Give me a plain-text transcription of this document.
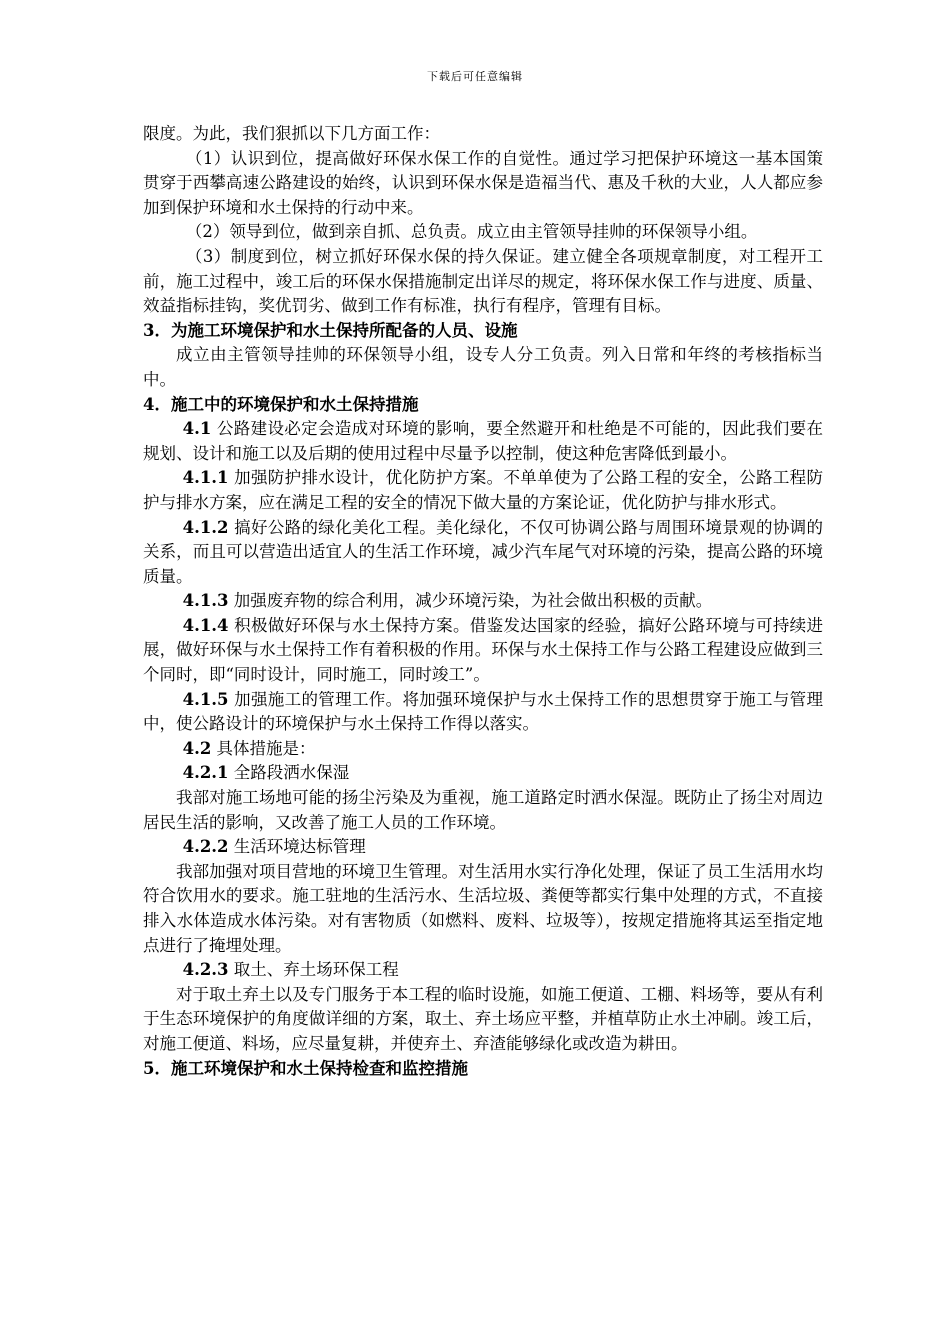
下载后可任意编辑

限度。为此，我们狠抓以下几方面工作：

（1）认识到位，提高做好环保水保工作的自觉性。通过学习把保护环境这一基本国策贯穿于西攀高速公路建设的始终，认识到环保水保是造福当代、惠及千秋的大业，人人都应参加到保护环境和水土保持的行动中来。

（2）领导到位，做到亲自抓、总负责。成立由主管领导挂帅的环保领导小组。

（3）制度到位，树立抓好环保水保的持久保证。建立健全各项规章制度，对工程开工前，施工过程中，竣工后的环保水保措施制定出详尽的规定，将环保水保工作与进度、质量、效益指标挂钩，奖优罚劣、做到工作有标准，执行有程序，管理有目标。

3．为施工环境保护和水土保持所配备的人员、设施

成立由主管领导挂帅的环保领导小组，设专人分工负责。列入日常和年终的考核指标当中。

4．施工中的环境保护和水土保持措施

4.1 公路建设必定会造成对环境的影响，要全然避开和杜绝是不可能的，因此我们要在规划、设计和施工以及后期的使用过程中尽量予以控制，使这种危害降低到最小。

4.1.1 加强防护排水设计，优化防护方案。不单单使为了公路工程的安全，公路工程防护与排水方案，应在满足工程的安全的情况下做大量的方案论证，优化防护与排水形式。

4.1.2 搞好公路的绿化美化工程。美化绿化，不仅可协调公路与周围环境景观的协调的关系，而且可以营造出适宜人的生活工作环境，减少汽车尾气对环境的污染，提高公路的环境质量。

4.1.3 加强废弃物的综合利用，减少环境污染，为社会做出积极的贡献。

4.1.4 积极做好环保与水土保持方案。借鉴发达国家的经验，搞好公路环境与可持续进展，做好环保与水土保持工作有着积极的作用。环保与水土保持工作与公路工程建设应做到三个同时，即“同时设计，同时施工，同时竣工”。

4.1.5 加强施工的管理工作。将加强环境保护与水土保持工作的思想贯穿于施工与管理中，使公路设计的环境保护与水土保持工作得以落实。

4.2 具体措施是：

4.2.1 全路段洒水保湿

我部对施工场地可能的扬尘污染及为重视，施工道路定时洒水保湿。既防止了扬尘对周边居民生活的影响，又改善了施工人员的工作环境。

4.2.2 生活环境达标管理

我部加强对项目营地的环境卫生管理。对生活用水实行净化处理，保证了员工生活用水均符合饮用水的要求。施工驻地的生活污水、生活垃圾、粪便等都实行集中处理的方式，不直接排入水体造成水体污染。对有害物质（如燃料、废料、垃圾等），按规定措施将其运至指定地点进行了掩埋处理。

4.2.3 取土、弃土场环保工程

对于取土弃土以及专门服务于本工程的临时设施，如施工便道、工棚、料场等，要从有利于生态环境保护的角度做详细的方案，取土、弃土场应平整，并植草防止水土冲刷。竣工后，对施工便道、料场，应尽量复耕，并使弃土、弃渣能够绿化或改造为耕田。

5．施工环境保护和水土保持检查和监控措施
